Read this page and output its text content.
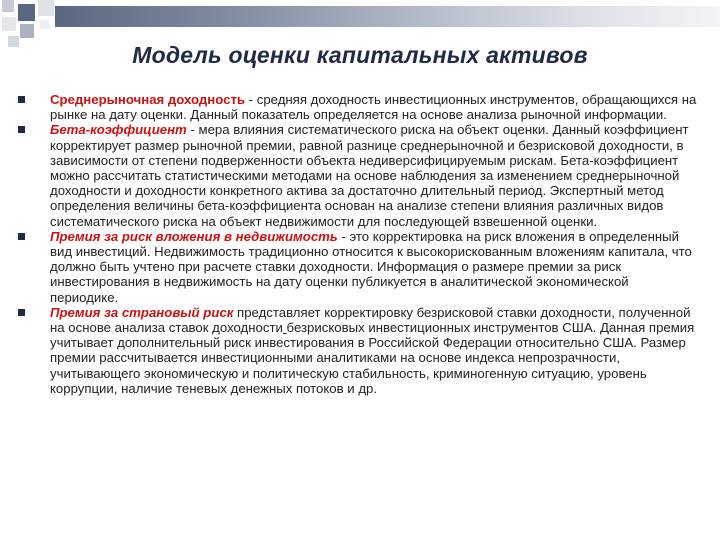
Модель оценки капитальных активов
Среднерыночная доходность - средняя доходность инвестиционных инструментов, обращающихся на рынке на дату оценки. Данный показатель определяется на основе анализа рыночной информации.
Бета-коэффициент - мера влияния систематического риска на объект оценки. Данный коэффициент корректирует размер рыночной премии, равной разнице среднерыночной и безрисковой доходности, в зависимости от степени подверженности объекта недиверсифицируемым рискам. Бета-коэффициент можно рассчитать статистическими методами на основе наблюдения за изменением среднерыночной доходности и доходности конкретного актива за достаточно длительный период. Экспертный метод определения величины бета-коэффициента основан на анализе степени влияния различных видов систематического риска на объект недвижимости для последующей взвешенной оценки.
Премия за риск вложения в недвижимость - это корректировка на риск вложения в определенный вид инвестиций. Недвижимость традиционно относится к высокорискованным вложениям капитала, что должно быть учтено при расчете ставки доходности. Информация о размере премии за риск инвестирования в недвижимость на дату оценки публикуется в аналитической экономической периодике.
Премия за страновый риск представляет корректировку безрисковой ставки доходности, полученной на основе анализа ставок доходности безрисковых инвестиционных инструментов США. Данная премия учитывает дополнительный риск инвестирования в Российской Федерации относительно США. Размер премии рассчитывается инвестиционными аналитиками на основе индекса непрозрачности, учитывающего экономическую и политическую стабильность, криминогенную ситуацию, уровень коррупции, наличие теневых денежных потоков и др.
